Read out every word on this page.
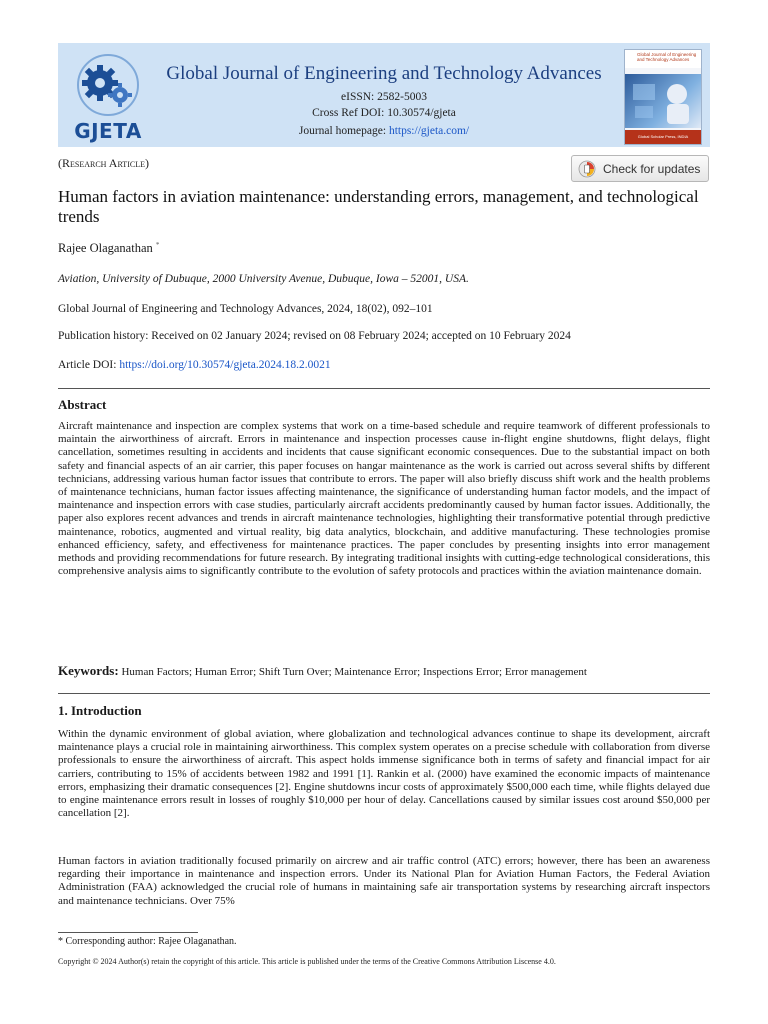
GJETA
Global Journal of Engineering and Technology Advances
eISSN: 2582-5003
Cross Ref DOI: 10.30574/gjeta
Journal homepage: https://gjeta.com/
Global Journal of Engineering and Technology Advances
Global Scholar Press, INDIA
(Research Article)	Check for updates
Human factors in aviation maintenance: understanding errors, management, and technological trends
Rajee Olaganathan *
Aviation, University of Dubuque, 2000 University Avenue, Dubuque, Iowa – 52001, USA.
Global Journal of Engineering and Technology Advances, 2024, 18(02), 092–101
Publication history: Received on 02 January 2024; revised on 08 February 2024; accepted on 10 February 2024
Article DOI: https://doi.org/10.30574/gjeta.2024.18.2.0021
Abstract

Aircraft maintenance and inspection are complex systems that work on a time-based schedule and require teamwork of different professionals to maintain the airworthiness of aircraft. Errors in maintenance and inspection processes cause in-flight engine shutdowns, flight delays, flight cancellation, sometimes resulting in accidents and incidents that cause significant economic consequences. Due to the substantial impact on both safety and financial aspects of an air carrier, this paper focuses on hangar maintenance as the work is carried out across several shifts by different technicians, addressing various human factor issues that contribute to errors. The paper will also briefly discuss shift work and the health problems of maintenance technicians, human factor issues affecting maintenance, the significance of understanding human factor models, and the impact of maintenance and inspection errors with case studies, particularly aircraft accidents predominantly caused by human factor issues. Additionally, the paper also explores recent advances and trends in aircraft maintenance technologies, highlighting their transformative potential through predictive maintenance, robotics, augmented and virtual reality, big data analytics, blockchain, and additive manufacturing. These technologies promise enhanced efficiency, safety, and effectiveness for maintenance practices. The paper concludes by presenting insights into error management methods and providing recommendations for future research. By integrating traditional insights with cutting-edge technological considerations, this comprehensive analysis aims to significantly contribute to the evolution of safety protocols and practices within the aviation maintenance domain.

Keywords: Human Factors; Human Error; Shift Turn Over; Maintenance Error; Inspections Error; Error management
1. Introduction

Within the dynamic environment of global aviation, where globalization and technological advances continue to shape its development, aircraft maintenance plays a crucial role in maintaining airworthiness. This complex system operates on a precise schedule with collaboration from diverse professionals to ensure the airworthiness of aircraft. This aspect holds immense significance both in terms of safety and financial impact for air carriers, contributing to 15% of accidents between 1982 and 1991 [1]. Rankin et al. (2000) have examined the economic impacts of maintenance errors, emphasizing their dramatic consequences [2]. Engine shutdowns incur costs of approximately $500,000 each time, while flights delayed due to engine maintenance errors result in losses of roughly $10,000 per hour of delay. Cancellations caused by similar issues cost around $50,000 per cancellation [2].

Human factors in aviation traditionally focused primarily on aircrew and air traffic control (ATC) errors; however, there has been an awareness regarding their importance in maintenance and inspection errors. Under its National Plan for Aviation Human Factors, the Federal Aviation Administration (FAA) acknowledged the crucial role of humans in maintaining safe air transportation systems by researching aircraft inspectors and maintenance technicians. Over 75%

* Corresponding author: Rajee Olaganathan.
Copyright © 2024 Author(s) retain the copyright of this article. This article is published under the terms of the Creative Commons Attribution Liscense 4.0.
